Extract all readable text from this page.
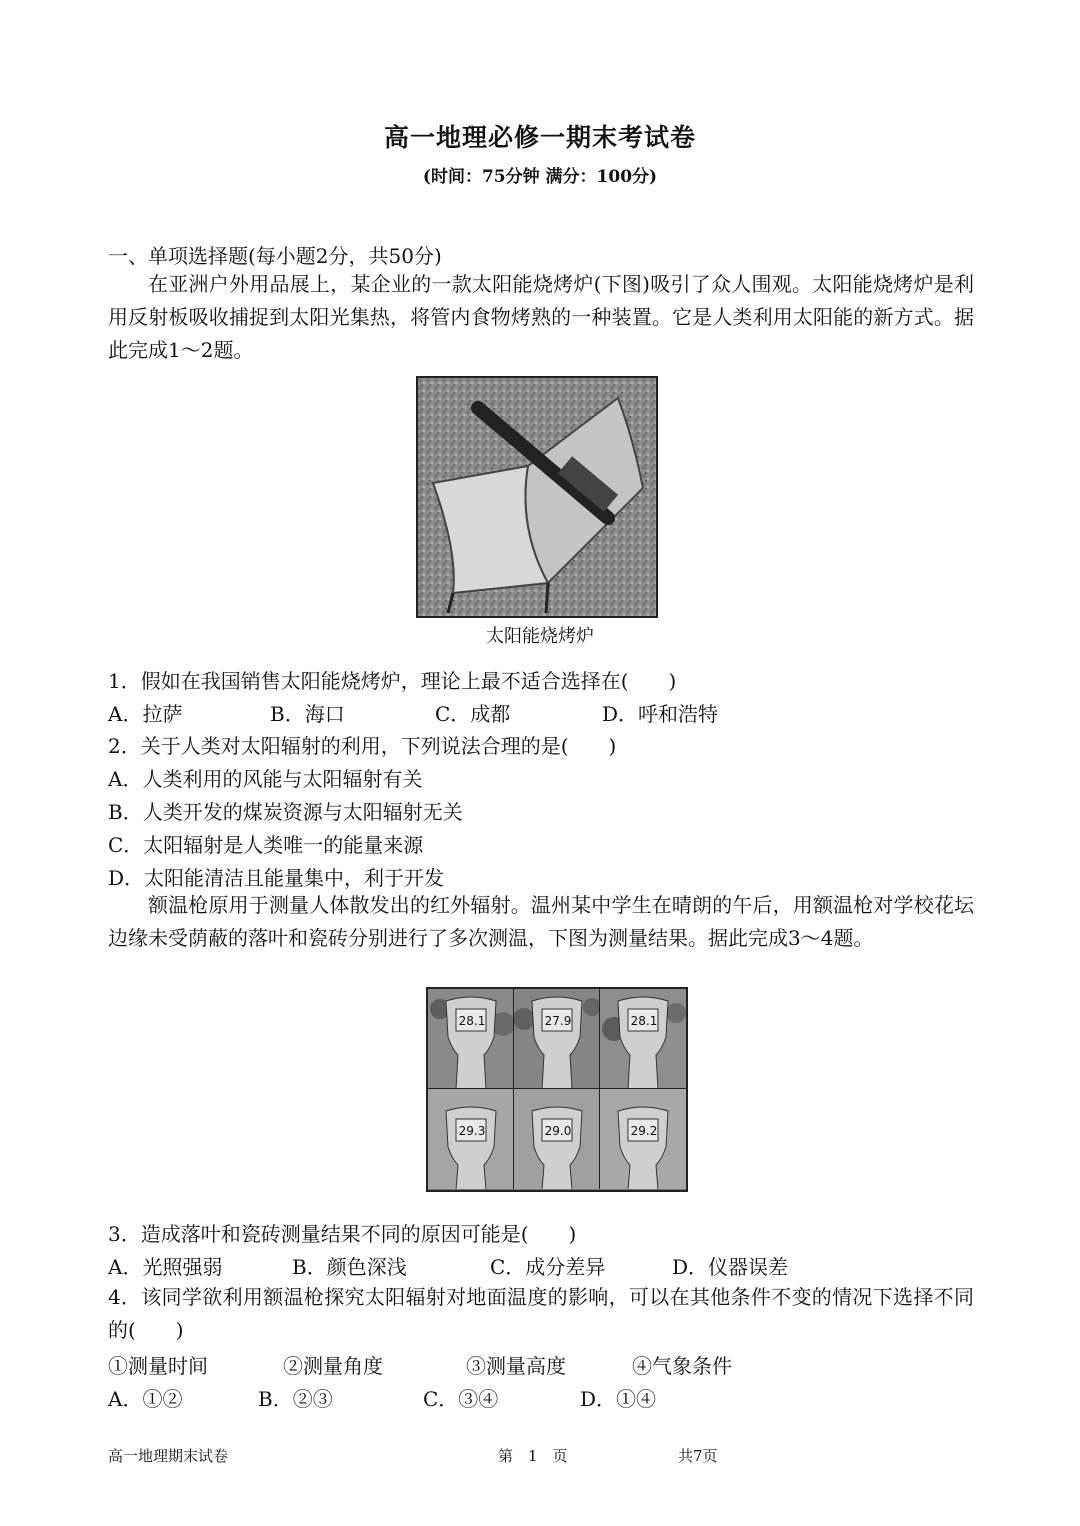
高一地理必修一期末考试卷
(时间：75分钟 满分：100分)
一、单项选择题(每小题2分，共50分)
在亚洲户外用品展上，某企业的一款太阳能烧烤炉(下图)吸引了众人围观。太阳能烧烤炉是利用反射板吸收捕捉到太阳光集热，将管内食物烤熟的一种装置。它是人类利用太阳能的新方式。据此完成1～2题。
太阳能烧烤炉
1．假如在我国销售太阳能烧烤炉，理论上最不适合选择在(　　)
A．拉萨	B．海口	C．成都	D．呼和浩特
2．关于人类对太阳辐射的利用，下列说法合理的是(　　)
A．人类利用的风能与太阳辐射有关
B．人类开发的煤炭资源与太阳辐射无关
C．太阳辐射是人类唯一的能量来源
D．太阳能清洁且能量集中，利于开发
额温枪原用于测量人体散发出的红外辐射。温州某中学生在晴朗的午后，用额温枪对学校花坛边缘未受荫蔽的落叶和瓷砖分别进行了多次测温，下图为测量结果。据此完成3～4题。
28.1	27.9	28.1
29.3	29.0	29.2
3．造成落叶和瓷砖测量结果不同的原因可能是(　　)
A．光照强弱	B．颜色深浅	C．成分差异	D．仪器误差
4．该同学欲利用额温枪探究太阳辐射对地面温度的影响，可以在其他条件不变的情况下选择不同的(　　)
①测量时间	②测量角度	③测量高度	④气象条件
A．①②	B．②③	C．③④	D．①④
高一地理期末试卷	第　1　页	共7页
